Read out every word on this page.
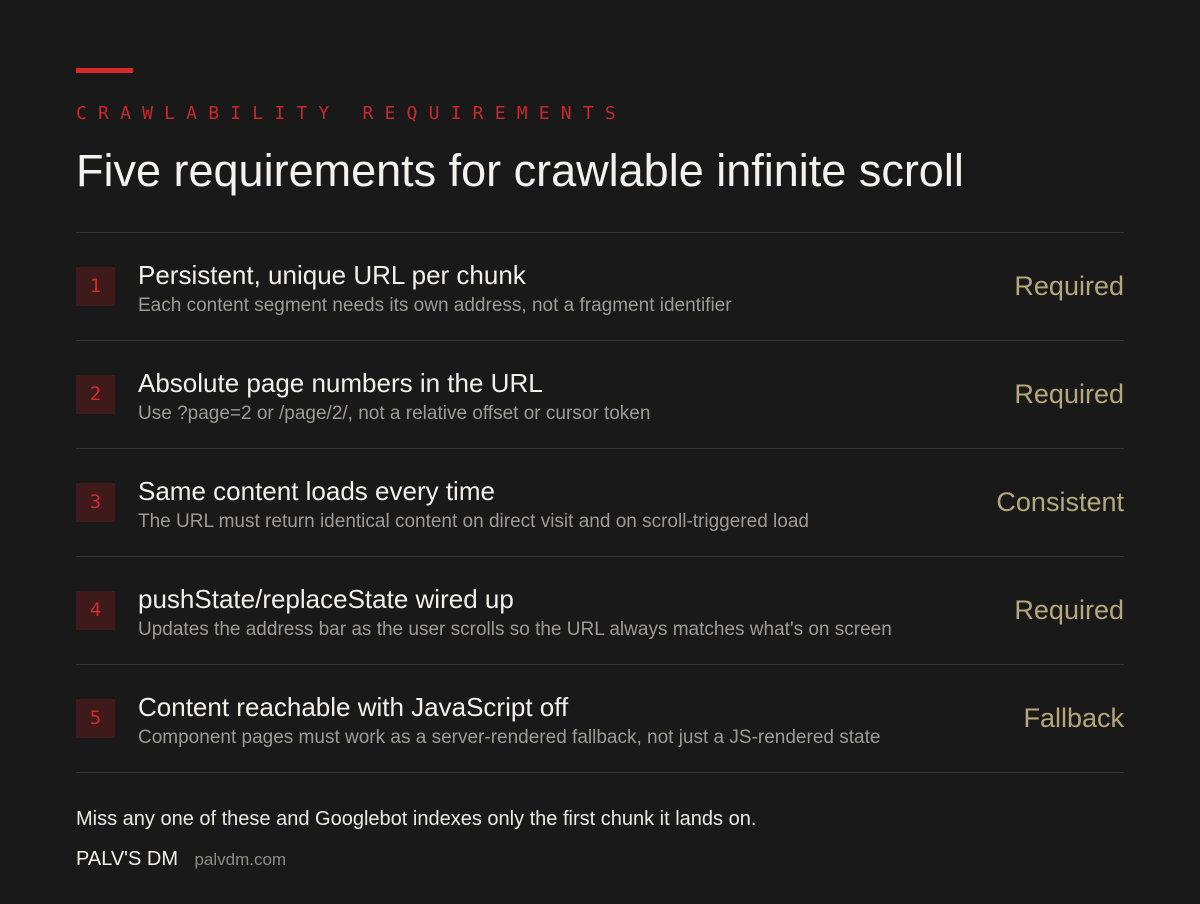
CRAWLABILITY REQUIREMENTS
Five requirements for crawlable infinite scroll
1	Persistent, unique URL per chunk
Each content segment needs its own address, not a fragment identifier
Required
2	Absolute page numbers in the URL
Use ?page=2 or /page/2/, not a relative offset or cursor token
Required
3	Same content loads every time
The URL must return identical content on direct visit and on scroll-triggered load
Consistent
4	pushState/replaceState wired up
Updates the address bar as the user scrolls so the URL always matches what's on screen
Required
5	Content reachable with JavaScript off
Component pages must work as a server-rendered fallback, not just a JS-rendered state
Fallback
Miss any one of these and Googlebot indexes only the first chunk it lands on.
PALV'S DM palvdm.com
